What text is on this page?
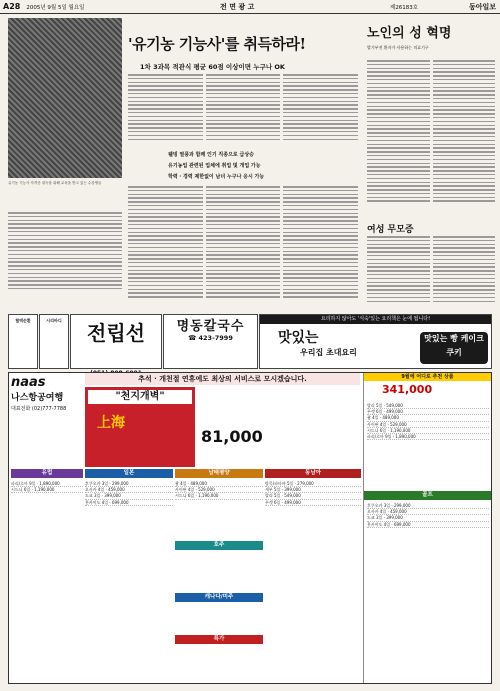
A28 2005년 9월 5일 월요일	전 면 광 고	제26183호	동아일보
유기농 기능사 자격증 취득을 위해 교육을 받고 있는 수강생들
'유기농 기능사'를 취득하라!
1차 3과목 적관식 평균 60점 이상이면 누구나 OK
웰빙 열풍과 함께 인기 직종으로 급상승
유기농업 관련된 업체에 취업 및 개업 가능
학력 · 경력 제한없이 남녀 누구나 응시 가능
노인의 성 혁명
발기부전 환자가 사용하는 의료기구
여성 무모증
혈액순환	시리바디
전립선	명동칼국수
☎ 423-7999
요리하지 않아도 '식숙'있는 요리책은 눈에 띕니다!
맛있는
우리집 초대요리
맛있는 빵 케이크 쿠키
추석 · 개천절 연휴에도 최상의 서비스로 모시겠습니다.
naas
나스항공여행
대표전화 (02)777-7788
"천지개벽"
上海
81,000
9월에 어디로 추천 상품
341,000
발리 5일 · 549,000
푸켓 6일 · 499,000
괌 4일 · 489,000
사이판 4일 · 529,000
시드니 6일 · 1,190,000
파리/로마 9일 · 1,890,000
골프
후쿠오카 3일 · 299,000
오사카 4일 · 459,000
도쿄 3일 · 399,000
홋카이도 4일 · 699,000
일본	남태평양	동남아
후쿠오카 3일 · 299,000
오사카 4일 · 459,000
도쿄 3일 · 399,000
홋카이도 4일 · 699,000
괌 4일 · 489,000
사이판 4일 · 529,000
시드니 6일 · 1,190,000
방콕/파타야 5일 · 279,000
세부 5일 · 399,000
발리 5일 · 549,000
푸켓 6일 · 499,000
유럽
파리/로마 9일 · 1,890,000
시드니 6일 · 1,190,000
호주
캐나다/미주
특가
